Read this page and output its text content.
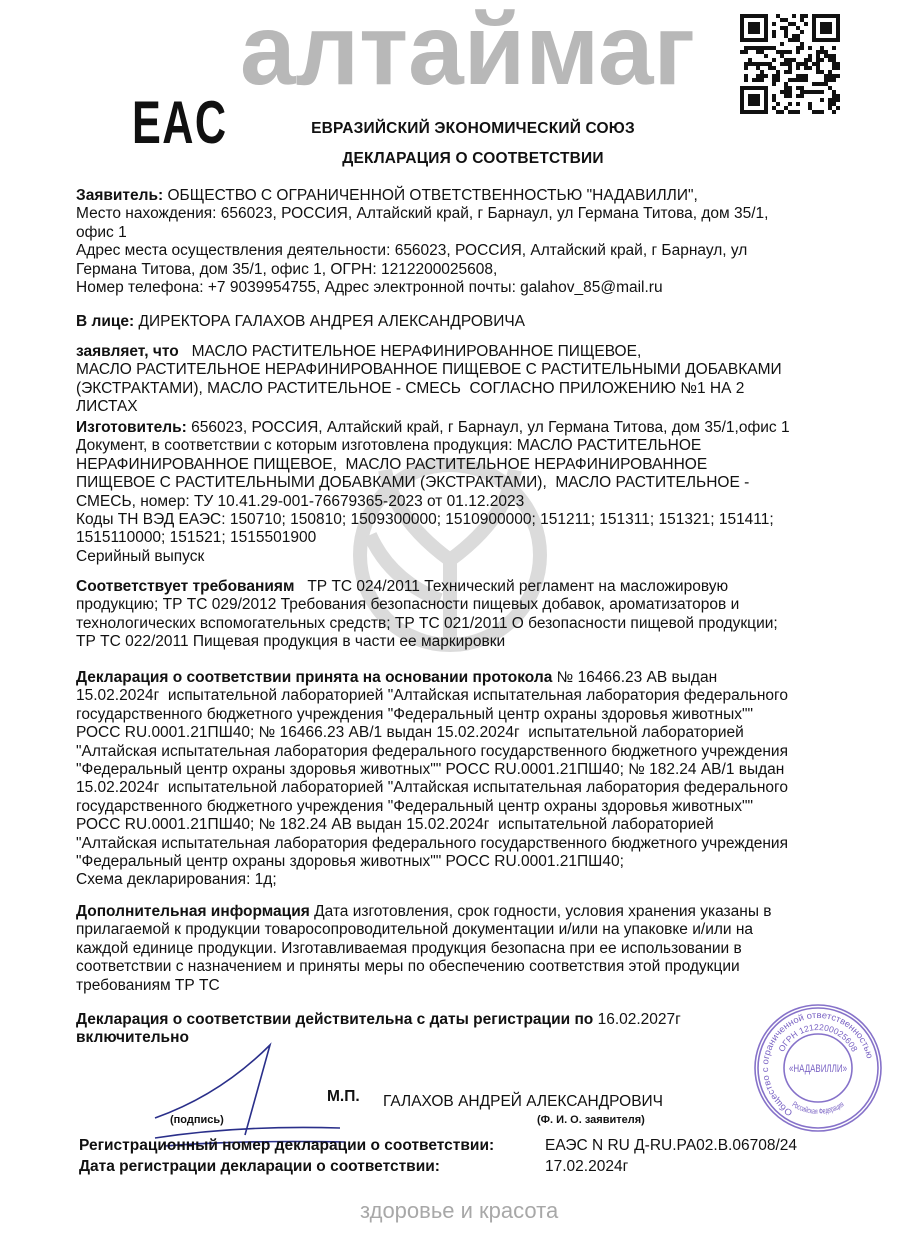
алтаймаг
здоровье и красота
EAC	ЕВРАЗИЙСКИЙ ЭКОНОМИЧЕСКИЙ СОЮЗ
ДЕКЛАРАЦИЯ О СООТВЕТСТВИИ
Заявитель: ОБЩЕСТВО С ОГРАНИЧЕННОЙ ОТВЕТСТВЕННОСТЬЮ "НАДАВИЛЛИ",
Место нахождения: 656023, РОССИЯ, Алтайский край, г Барнаул, ул Германа Титова, дом 35/1,
офис 1
Адрес места осуществления деятельности: 656023, РОССИЯ, Алтайский край, г Барнаул, ул
Германа Титова, дом 35/1, офис 1, ОГРН: 1212200025608,
Номер телефона: +7 9039954755, Адрес электронной почты: galahov_85@mail.ru
В лице: ДИРЕКТОРА ГАЛАХОВ АНДРЕЯ АЛЕКСАНДРОВИЧА
заявляет, что   МАСЛО РАСТИТЕЛЬНОЕ НЕРАФИНИРОВАННОЕ ПИЩЕВОЕ,
МАСЛО РАСТИТЕЛЬНОЕ НЕРАФИНИРОВАННОЕ ПИЩЕВОЕ С РАСТИТЕЛЬНЫМИ ДОБАВКАМИ
(ЭКСТРАКТАМИ), МАСЛО РАСТИТЕЛЬНОЕ - СМЕСЬ  СОГЛАСНО ПРИЛОЖЕНИЮ №1 НА 2
ЛИСТАХ
Изготовитель: 656023, РОССИЯ, Алтайский край, г Барнаул, ул Германа Титова, дом 35/1,офис 1
Документ, в соответствии с которым изготовлена продукция: МАСЛО РАСТИТЕЛЬНОЕ
НЕРАФИНИРОВАННОЕ ПИЩЕВОЕ,  МАСЛО РАСТИТЕЛЬНОЕ НЕРАФИНИРОВАННОЕ
ПИЩЕВОЕ С РАСТИТЕЛЬНЫМИ ДОБАВКАМИ (ЭКСТРАКТАМИ),  МАСЛО РАСТИТЕЛЬНОЕ -
СМЕСЬ, номер: ТУ 10.41.29-001-76679365-2023 от 01.12.2023
Коды ТН ВЭД ЕАЭС: 150710; 150810; 1509300000; 1510900000; 151211; 151311; 151321; 151411;
1515110000; 151521; 1515501900
Серийный выпуск
Соответствует требованиям   ТР ТС 024/2011 Технический регламент на масложировую
продукцию; ТР ТС 029/2012 Требования безопасности пищевых добавок, ароматизаторов и
технологических вспомогательных средств; ТР ТС 021/2011 О безопасности пищевой продукции;
ТР ТС 022/2011 Пищевая продукция в части ее маркировки
Декларация о соответствии принята на основании протокола № 16466.23 АВ выдан
15.02.2024г  испытательной лабораторией "Алтайская испытательная лаборатория федерального
государственного бюджетного учреждения "Федеральный центр охраны здоровья животных""
РОСС RU.0001.21ПШ40; № 16466.23 АВ/1 выдан 15.02.2024г  испытательной лабораторией
"Алтайская испытательная лаборатория федерального государственного бюджетного учреждения
"Федеральный центр охраны здоровья животных"" РОСС RU.0001.21ПШ40; № 182.24 АВ/1 выдан
15.02.2024г  испытательной лабораторией "Алтайская испытательная лаборатория федерального
государственного бюджетного учреждения "Федеральный центр охраны здоровья животных""
РОСС RU.0001.21ПШ40; № 182.24 АВ выдан 15.02.2024г  испытательной лабораторией
"Алтайская испытательная лаборатория федерального государственного бюджетного учреждения
"Федеральный центр охраны здоровья животных"" РОСС RU.0001.21ПШ40;
Схема декларирования: 1д;
Дополнительная информация Дата изготовления, срок годности, условия хранения указаны в
прилагаемой к продукции товаросопроводительной документации и/или на упаковке и/или на
каждой единице продукции. Изготавливаемая продукция безопасна при ее использовании в
соответствии с назначением и приняты меры по обеспечению соответствия этой продукции
требованиям ТР ТС
Декларация о соответствии действительна с даты регистрации по 16.02.2027г
включительно
Общество с ограниченной ответственностью
ОГРН 1212200025608
«НАДАВИЛЛИ»
Российская Федерация
М.П. ГАЛАХОВ АНДРЕЙ АЛЕКСАНДРОВИЧ
(подпись)	(Ф. И. О. заявителя)
Регистрационный номер декларации о соответствии:	ЕАЭС N RU Д-RU.РА02.В.06708/24
Дата регистрации декларации о соответствии:	17.02.2024г
